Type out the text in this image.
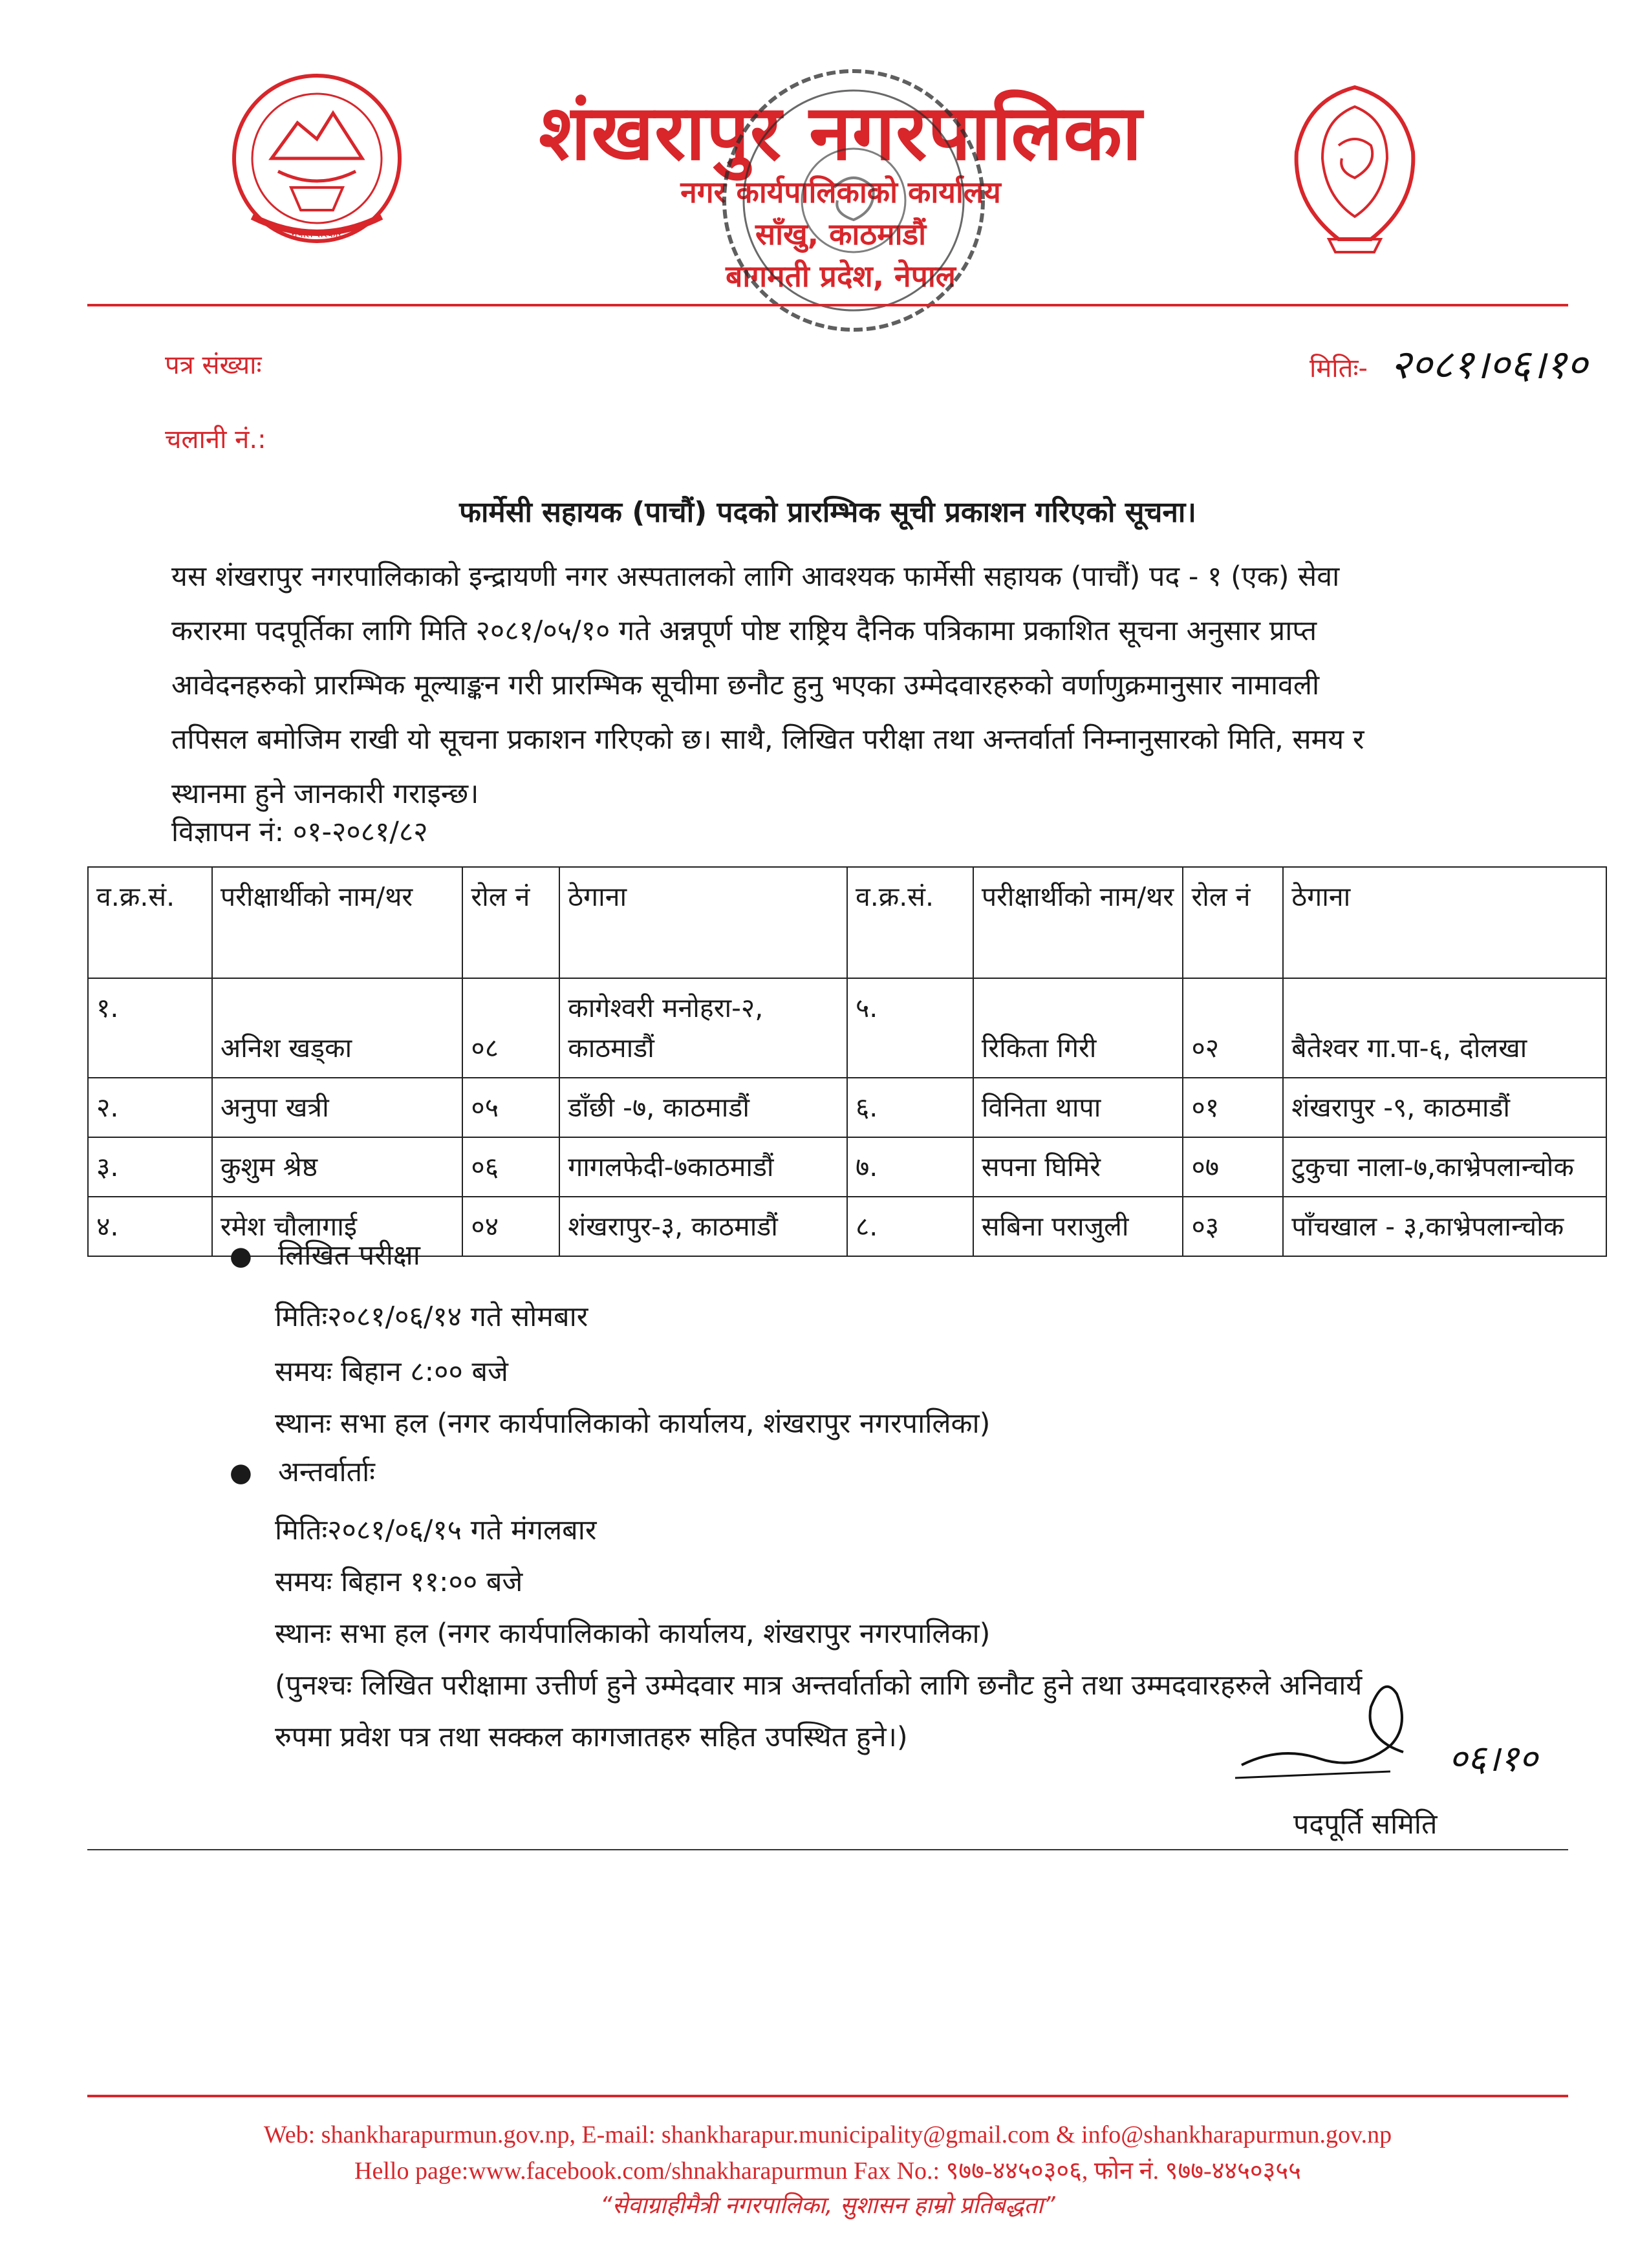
नेपाल सरकार
शंखरापुर नगरपालिका
नगर कार्यपालिकाको कार्यालय
साँखु, काठमाडौं
बागमती प्रदेश, नेपाल
पत्र संख्याः
चलानी नं.:
मितिः- २०८१।०६।१०
फार्मेसी सहायक (पाचौं) पदको प्रारम्भिक सूची प्रकाशन गरिएको सूचना।
यस शंखरापुर नगरपालिकाको इन्द्रायणी नगर अस्पतालको लागि आवश्यक फार्मेसी सहायक (पाचौं) पद - १ (एक) सेवा
करारमा पदपूर्तिका लागि मिति २०८१/०५/१० गते अन्नपूर्ण पोष्ट राष्ट्रिय दैनिक पत्रिकामा प्रकाशित सूचना अनुसार प्राप्त
आवेदनहरुको प्रारम्भिक मूल्याङ्कन गरी प्रारम्भिक सूचीमा छनौट हुनु भएका उम्मेदवारहरुको वर्णाणुक्रमानुसार नामावली
तपिसल बमोजिम राखी यो सूचना प्रकाशन गरिएको छ। साथै, लिखित परीक्षा तथा अन्तर्वार्ता निम्नानुसारको मिति, समय र
स्थानमा हुने जानकारी गराइन्छ।
विज्ञापन नं: ०१-२०८१/८२
व.क्र.सं.	परीक्षार्थीको नाम/थर	रोल नं	ठेगाना	व.क्र.सं.	परीक्षार्थीको नाम/थर	रोल नं	ठेगाना
१.	अनिश खड्का	०८	कागेश्वरी मनोहरा-२, काठमाडौं	५.	रिकिता गिरी	०२	बैतेश्वर गा.पा-६, दोलखा
२.	अनुपा खत्री	०५	डाँछी -७, काठमाडौं	६.	विनिता थापा	०१	शंखरापुर -९, काठमाडौं
३.	कुशुम श्रेष्ठ	०६	गागलफेदी-७काठमाडौं	७.	सपना घिमिरे	०७	टुकुचा नाला-७,काभ्रेपलान्चोक
४.	रमेश चौलागाई	०४	शंखरापुर-३, काठमाडौं	८.	सबिना पराजुली	०३	पाँचखाल - ३,काभ्रेपलान्चोक
● लिखित परीक्षा
मितिः२०८१/०६/१४ गते सोमबार
समयः बिहान ८:०० बजे
स्थानः सभा हल (नगर कार्यपालिकाको कार्यालय, शंखरापुर नगरपालिका)
● अन्तर्वार्ताः
मितिः२०८१/०६/१५ गते मंगलबार
समयः बिहान ११:०० बजे
स्थानः सभा हल (नगर कार्यपालिकाको कार्यालय, शंखरापुर नगरपालिका)
(पुनश्चः लिखित परीक्षामा उत्तीर्ण हुने उम्मेदवार मात्र अन्तर्वार्ताको लागि छनौट हुने तथा उम्मदवारहरुले अनिवार्य
रुपमा प्रवेश पत्र तथा सक्कल कागजातहरु सहित उपस्थित हुने।)
०६।१०
पदपूर्ति समिति
Web: shankharapurmun.gov.np, E-mail: shankharapur.municipality@gmail.com & info@shankharapurmun.gov.np
Hello page:www.facebook.com/shnakharapurmun Fax No.: ९७७-४४५०३०६, फोन नं. ९७७-४४५०३५५
“सेवाग्राहीमैत्री नगरपालिका, सुशासन हाम्रो प्रतिबद्धता”
